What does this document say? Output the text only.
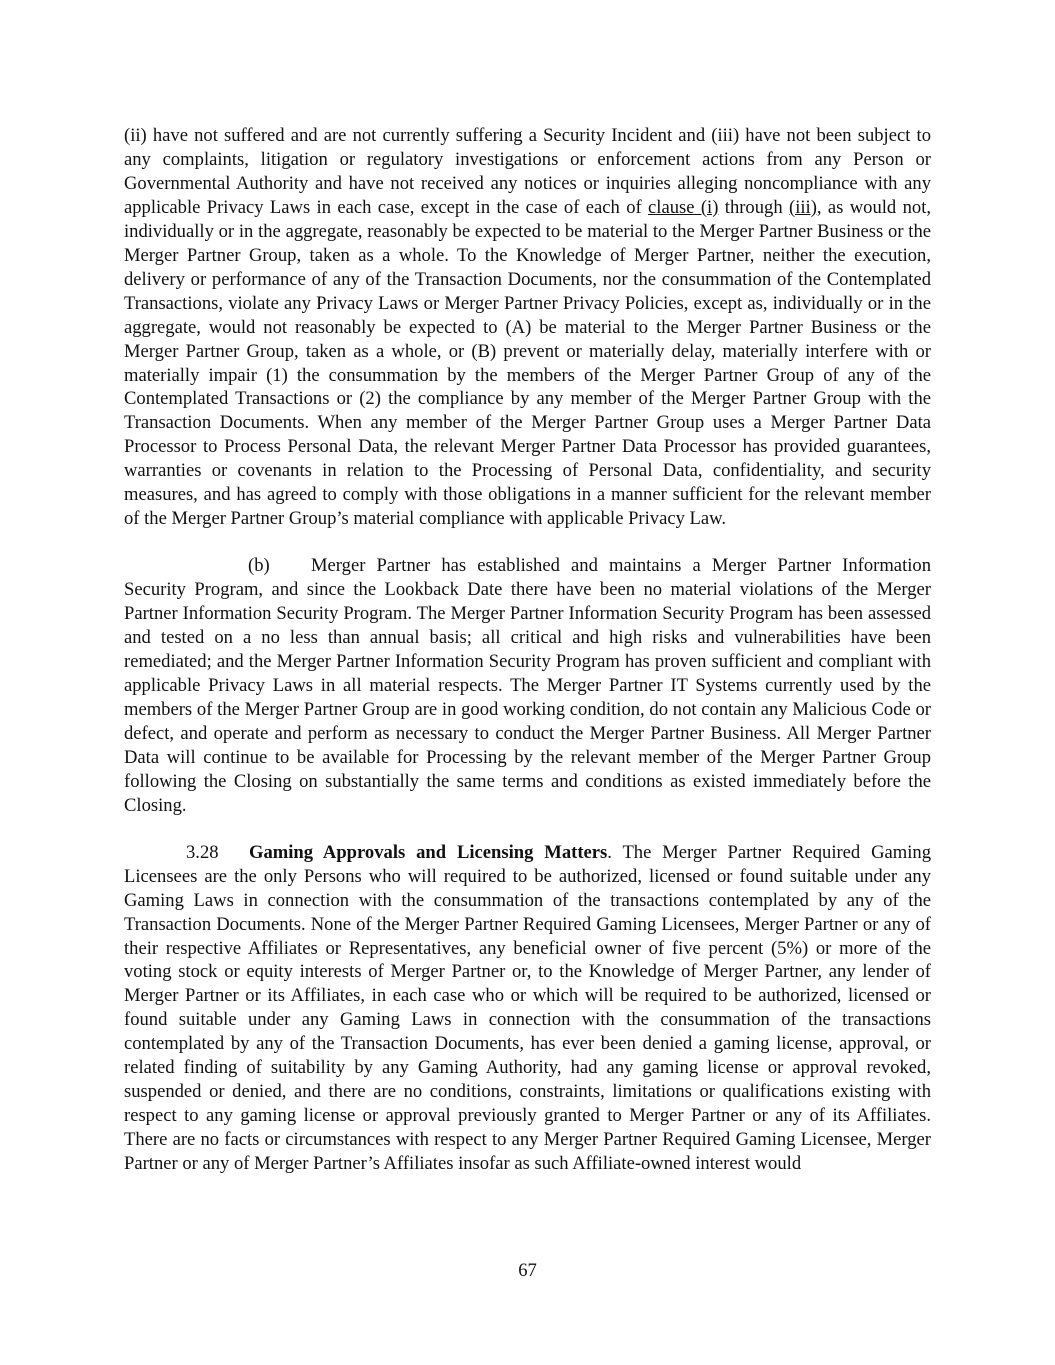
(ii) have not suffered and are not currently suffering a Security Incident and (iii) have not been subject to any complaints, litigation or regulatory investigations or enforcement actions from any Person or Governmental Authority and have not received any notices or inquiries alleging noncompliance with any applicable Privacy Laws in each case, except in the case of each of clause (i) through (iii), as would not, individually or in the aggregate, reasonably be expected to be material to the Merger Partner Business or the Merger Partner Group, taken as a whole. To the Knowledge of Merger Partner, neither the execution, delivery or performance of any of the Transaction Documents, nor the consummation of the Contemplated Transactions, violate any Privacy Laws or Merger Partner Privacy Policies, except as, individually or in the aggregate, would not reasonably be expected to (A) be material to the Merger Partner Business or the Merger Partner Group, taken as a whole, or (B) prevent or materially delay, materially interfere with or materially impair (1) the consummation by the members of the Merger Partner Group of any of the Contemplated Transactions or (2) the compliance by any member of the Merger Partner Group with the Transaction Documents. When any member of the Merger Partner Group uses a Merger Partner Data Processor to Process Personal Data, the relevant Merger Partner Data Processor has provided guarantees, warranties or covenants in relation to the Processing of Personal Data, confidentiality, and security measures, and has agreed to comply with those obligations in a manner sufficient for the relevant member of the Merger Partner Group’s material compliance with applicable Privacy Law.

(b) Merger Partner has established and maintains a Merger Partner Information Security Program, and since the Lookback Date there have been no material violations of the Merger Partner Information Security Program. The Merger Partner Information Security Program has been assessed and tested on a no less than annual basis; all critical and high risks and vulnerabilities have been remediated; and the Merger Partner Information Security Program has proven sufficient and compliant with applicable Privacy Laws in all material respects. The Merger Partner IT Systems currently used by the members of the Merger Partner Group are in good working condition, do not contain any Malicious Code or defect, and operate and perform as necessary to conduct the Merger Partner Business. All Merger Partner Data will continue to be available for Processing by the relevant member of the Merger Partner Group following the Closing on substantially the same terms and conditions as existed immediately before the Closing.

3.28 Gaming Approvals and Licensing Matters. The Merger Partner Required Gaming Licensees are the only Persons who will required to be authorized, licensed or found suitable under any Gaming Laws in connection with the consummation of the transactions contemplated by any of the Transaction Documents. None of the Merger Partner Required Gaming Licensees, Merger Partner or any of their respective Affiliates or Representatives, any beneficial owner of five percent (5%) or more of the voting stock or equity interests of Merger Partner or, to the Knowledge of Merger Partner, any lender of Merger Partner or its Affiliates, in each case who or which will be required to be authorized, licensed or found suitable under any Gaming Laws in connection with the consummation of the transactions contemplated by any of the Transaction Documents, has ever been denied a gaming license, approval, or related finding of suitability by any Gaming Authority, had any gaming license or approval revoked, suspended or denied, and there are no conditions, constraints, limitations or qualifications existing with respect to any gaming license or approval previously granted to Merger Partner or any of its Affiliates. There are no facts or circumstances with respect to any Merger Partner Required Gaming Licensee, Merger Partner or any of Merger Partner’s Affiliates insofar as such Affiliate-owned interest would

67
